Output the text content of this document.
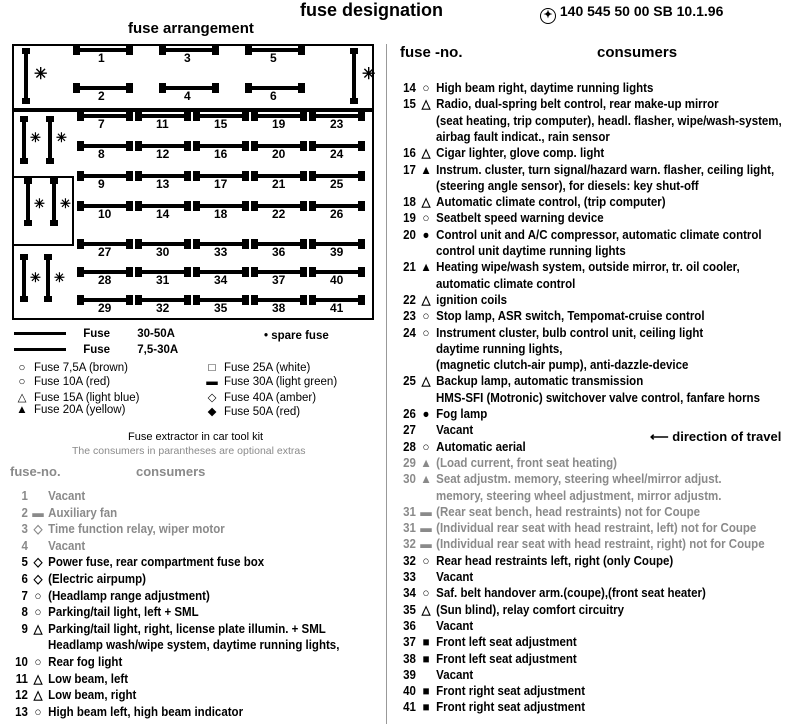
fuse designation	✦ 140 545 50 00 SB 10.1.96
fuse arrangement
fuse -no.	consumers
1	3	5
2	4	6
✳	✳
7	11	15	19	23
8	12	16	20	24
9	13	17	21	25
10	14	18	22	26
27	30	33	36	39
28	31	34	37	40
29	32	35	38	41
✳ ✳
✳ ✳
✳ ✳
Fuse 30-50A	• spare fuse
Fuse 7,5-30A
○ Fuse 7,5A (brown)
○ Fuse 10A (red)
△ Fuse 15A (light blue)
▲ Fuse 20A (yellow)
□ Fuse 25A (white)
▬ Fuse 30A (light green)
◇ Fuse 40A (amber)
◆ Fuse 50A (red)
Fuse extractor in car tool kit
The consumers in parantheses are optional extras
fuse-no.	consumers
1 Vacant
2 ▬ Auxiliary fan
3 ◇ Time function relay, wiper motor
4 Vacant
5 ◇ Power fuse, rear compartment fuse box
6 ◇ (Electric airpump)
7 ○ (Headlamp range adjustment)
8 ○ Parking/tail light, left + SML
9 △ Parking/tail light, right, license plate illumin. + SML
Headlamp wash/wipe system, daytime running lights,
10 ○ Rear fog light
11 △ Low beam, left
12 △ Low beam, right
13 ○ High beam left, high beam indicator
14 ○ High beam right, daytime running lights
15 △ Radio, dual-spring belt control, rear make-up mirror
(seat heating, trip computer), headl. flasher, wipe/wash-system,
airbag fault indicat., rain sensor
16 △ Cigar lighter, glove comp. light
17 ▲ Instrum. cluster, turn signal/hazard warn. flasher, ceiling light,
(steering angle sensor), for diesels: key shut-off
18 △ Automatic climate control, (trip computer)
19 ○ Seatbelt speed warning device
20 ● Control unit and A/C compressor, automatic climate control
control unit daytime running lights
21 ▲ Heating wipe/wash system, outside mirror, tr. oil cooler,
automatic climate control
22 △ ignition coils
23 ○ Stop lamp, ASR switch, Tempomat-cruise control
24 ○ Instrument cluster, bulb control unit, ceiling light
daytime running lights,
(magnetic clutch-air pump), anti-dazzle-device
25 △ Backup lamp, automatic transmission
HMS-SFI (Motronic) switchover valve control, fanfare horns
26 ● Fog lamp
27 Vacant
28 ○ Automatic aerial
29 ▲ (Load current, front seat heating)
30 ▲ Seat adjustm. memory, steering wheel/mirror adjust.
memory, steering wheel adjustment, mirror adjustm.
31 ▬ (Rear seat bench, head restraints) not for Coupe
31 ▬ (Individual rear seat with head restraint, left) not for Coupe
32 ▬ (Individual rear seat with head restraint, right) not for Coupe
32 ○ Rear head restraints left, right (only Coupe)
33 Vacant
34 ○ Saf. belt handover arm.(coupe),(front seat heater)
35 △ (Sun blind), relay comfort circuitry
36 Vacant
37 ■ Front left seat adjustment
38 ■ Front left seat adjustment
39 Vacant
40 ■ Front right seat adjustment
41 ■ Front right seat adjustment
⟵ direction of travel
